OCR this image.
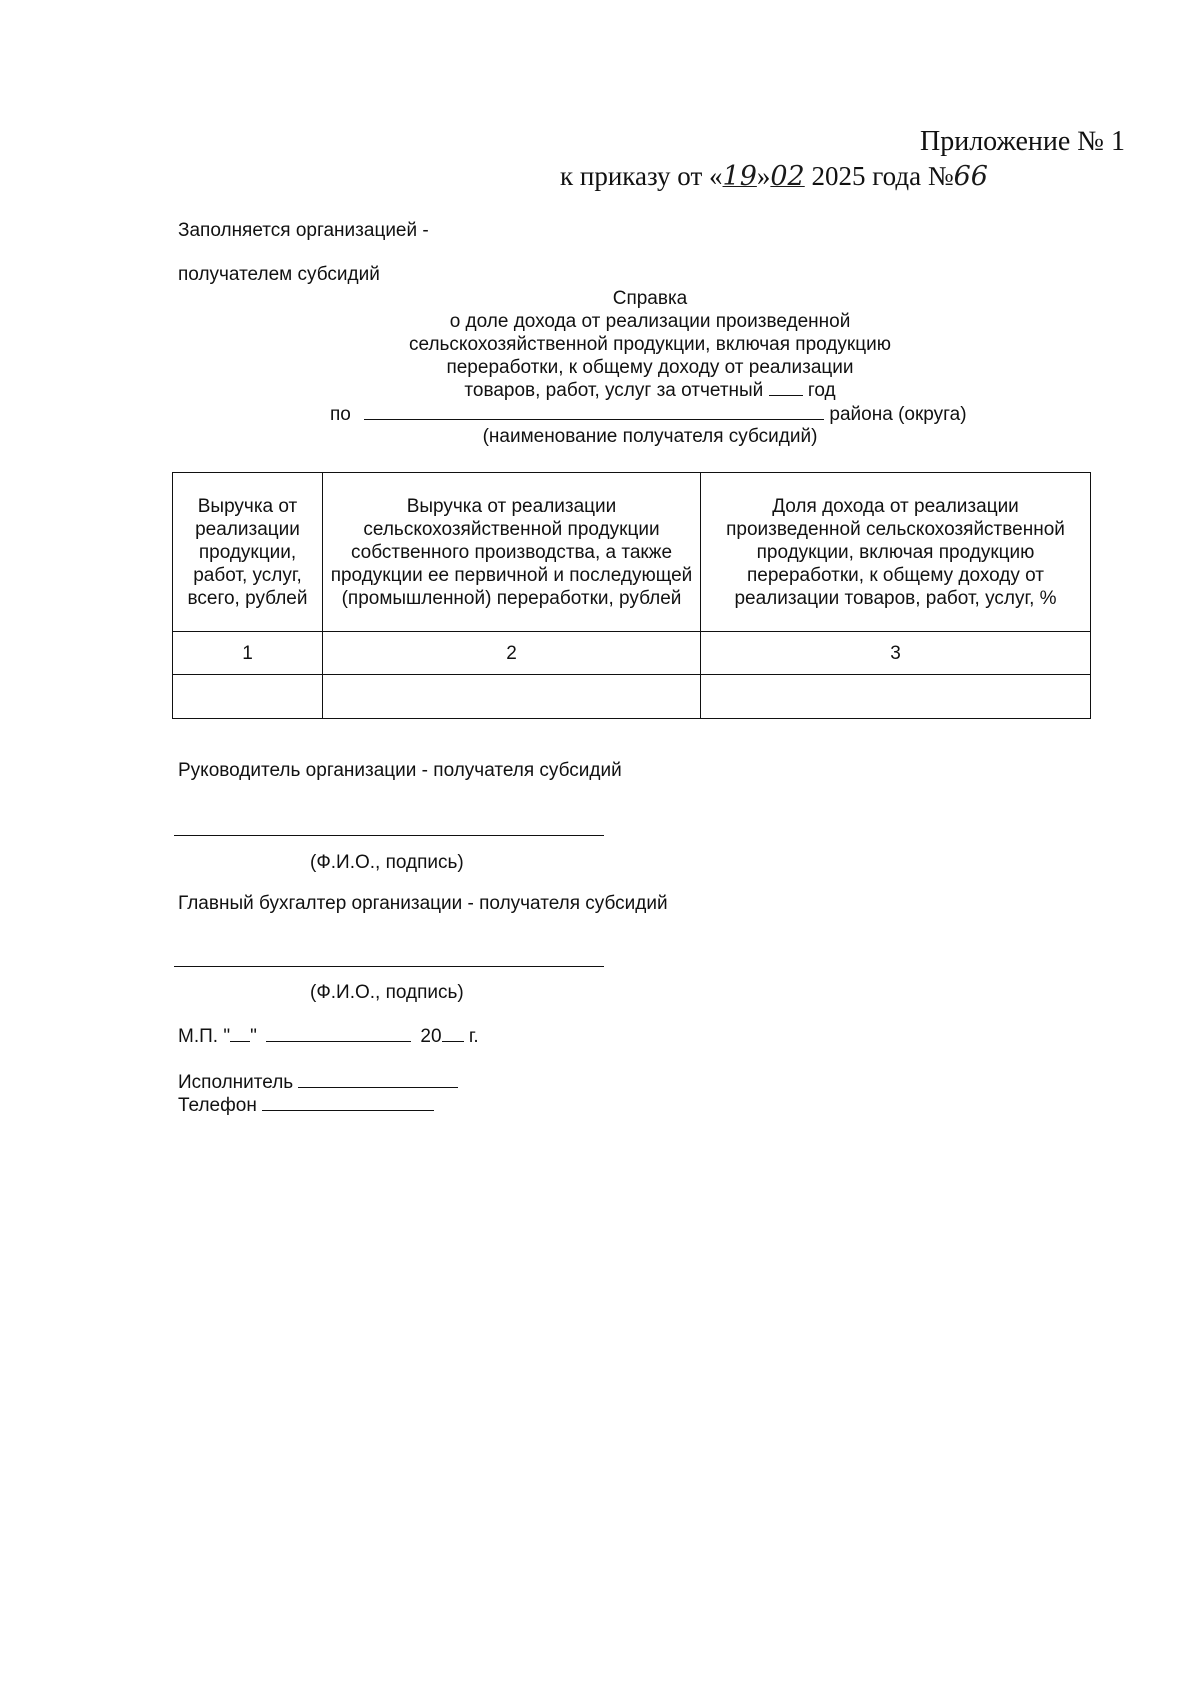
Приложение № 1
к приказу от «19»02 2025 года №66
Заполняется организацией -
получателем субсидий
Справка
о доле дохода от реализации произведенной
сельскохозяйственной продукции, включая продукцию
переработки, к общему доходу от реализации
товаров, работ, услуг за отчетный год
по	района (округа)
(наименование получателя субсидий)
Выручка от реализации продукции, работ, услуг, всего, рублей	Выручка от реализации сельскохозяйственной продукции собственного производства, а также продукции ее первичной и последующей (промышленной) переработки, рублей	Доля дохода от реализации произведенной сельскохозяйственной продукции, включая продукцию переработки, к общему доходу от реализации товаров, работ, услуг, %
1	2	3

Руководитель организации - получателя субсидий
(Ф.И.О., подпись)
Главный бухгалтер организации - получателя субсидий
(Ф.И.О., подпись)
М.П. " "	20 г.
Исполнитель
Телефон
